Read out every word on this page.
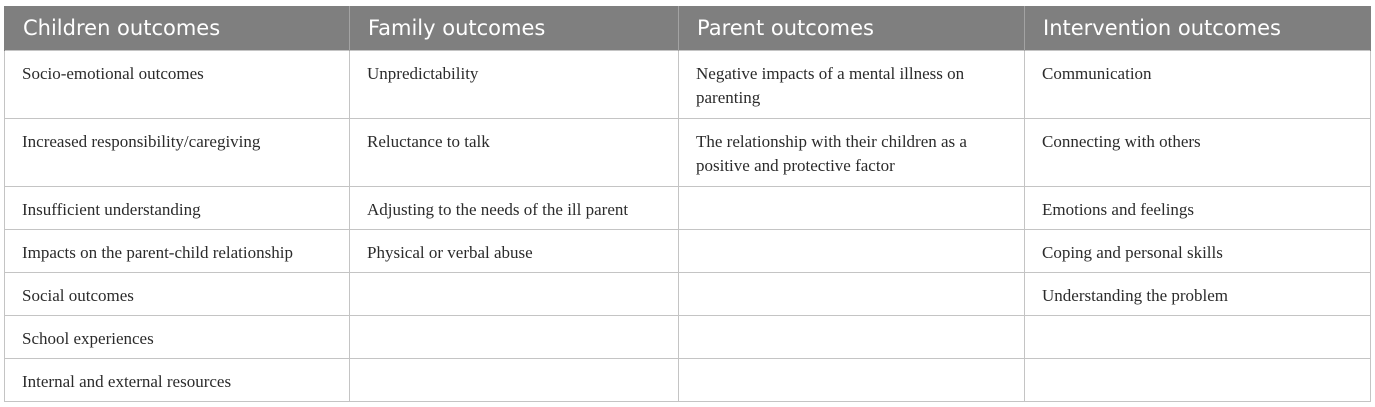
Children outcomes	Family outcomes	Parent outcomes	Intervention outcomes
Socio-emotional outcomes	Unpredictability	Negative impacts of a mental illness on parenting	Communication
Increased responsibility/caregiving	Reluctance to talk	The relationship with their children as a positive and protective factor	Connecting with others
Insufficient understanding	Adjusting to the needs of the ill parent		Emotions and feelings
Impacts on the parent-child relationship	Physical or verbal abuse		Coping and personal skills
Social outcomes			Understanding the problem
School experiences			
Internal and external resources			
